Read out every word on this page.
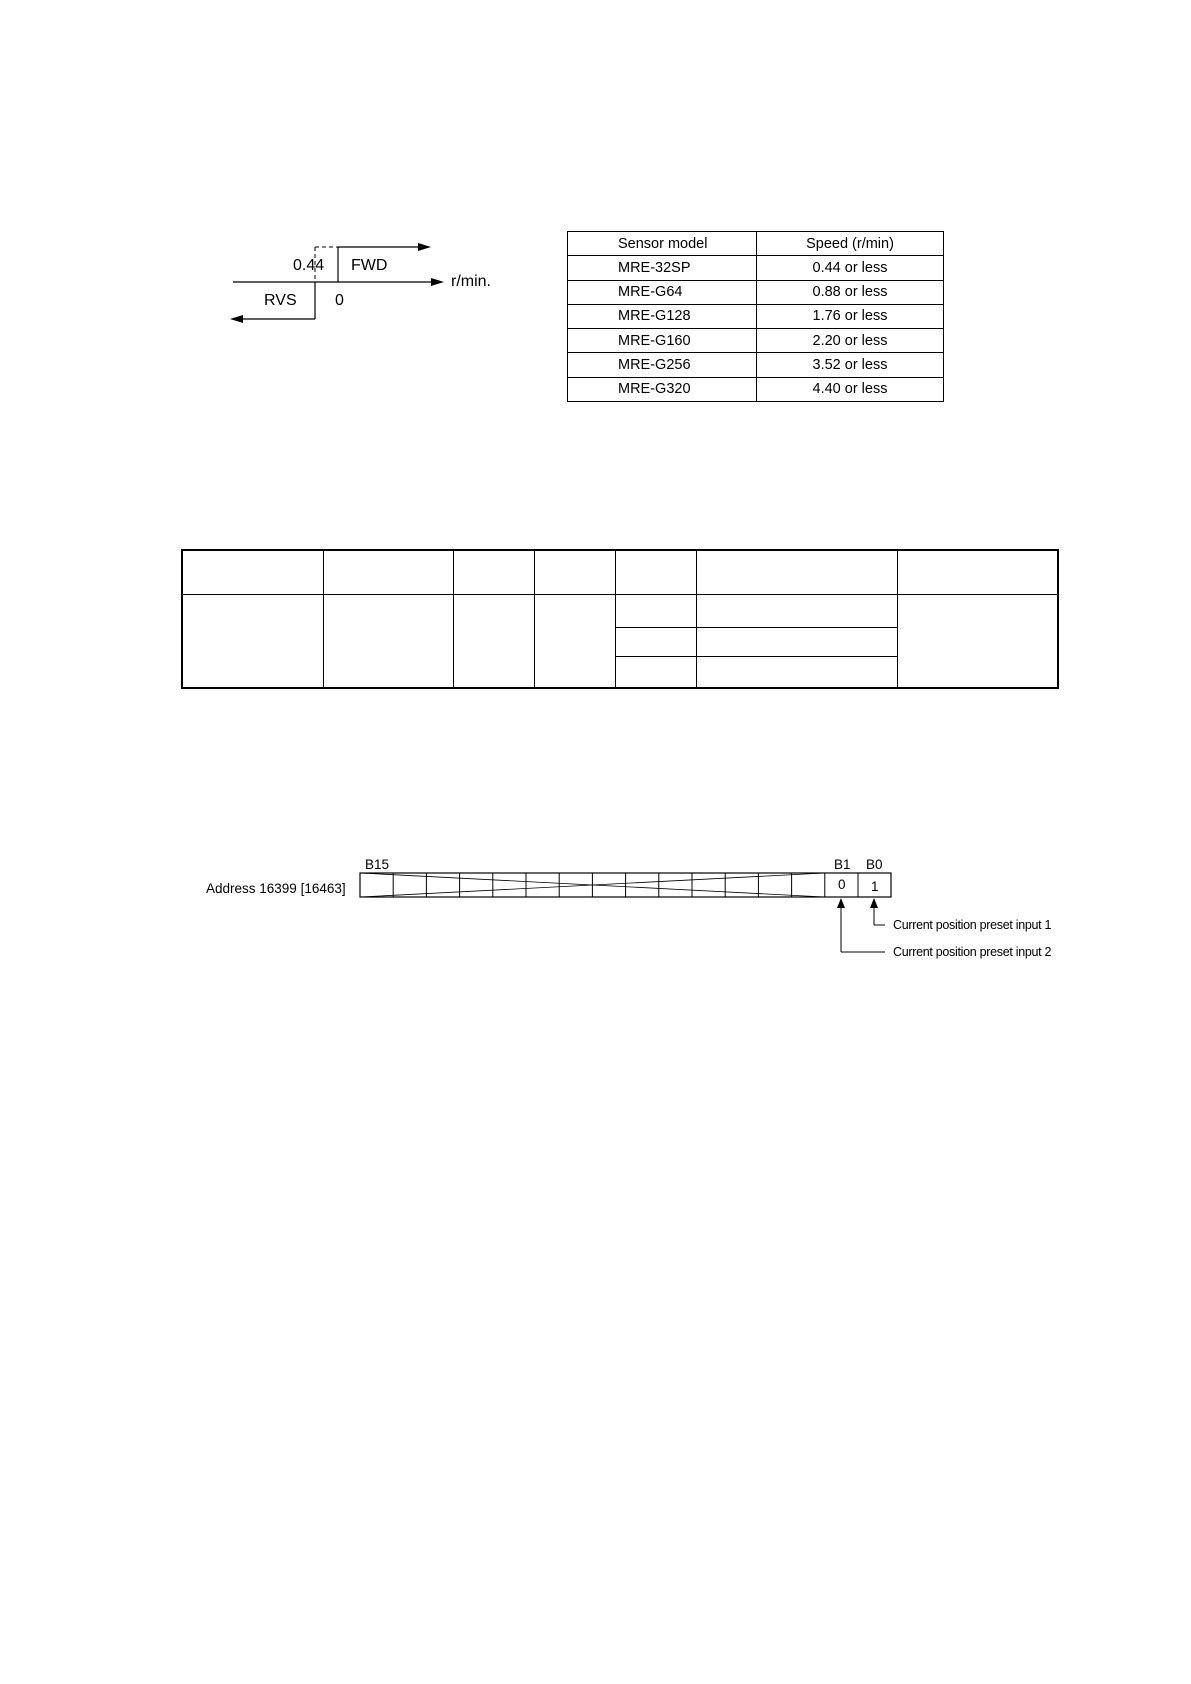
0.44 FWD
RVS 0
r/min.
Sensor model	Speed (r/min)
MRE-32SP	0.44 or less
MRE-G64	0.88 or less
MRE-G128	1.76 or less
MRE-G160	2.20 or less
MRE-G256	3.52 or less
MRE-G320	4.40 or less

Address 16399 [16463]
B15	B1 B0
0 1
Current position preset input 1
Current position preset input 2
